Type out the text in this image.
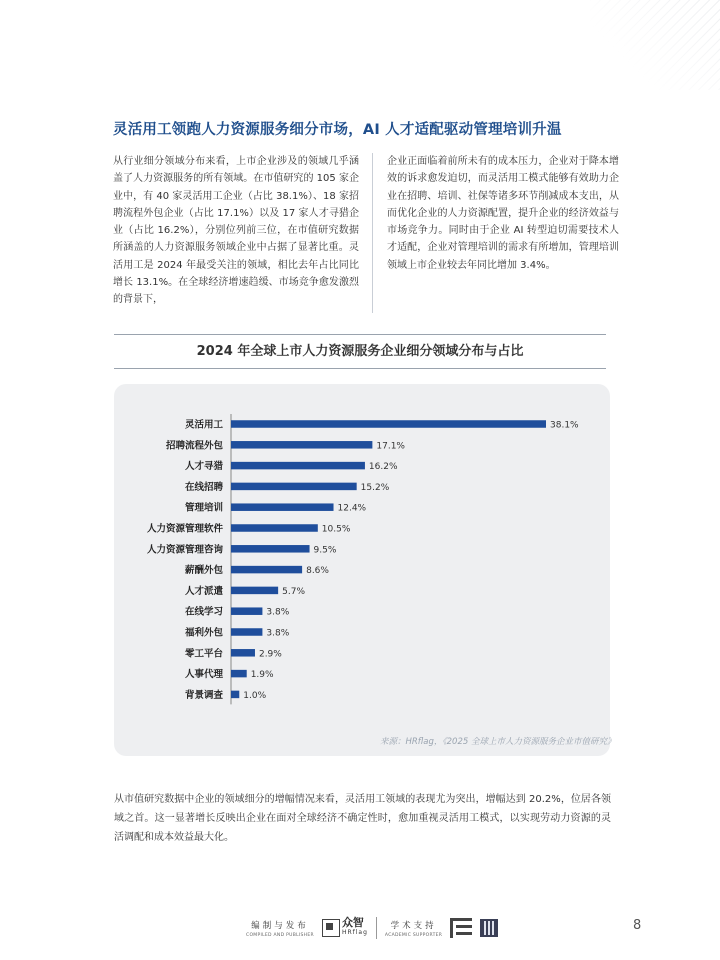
灵活用工领跑人力资源服务细分市场，AI 人才适配驱动管理培训升温
从行业细分领域分布来看，上市企业涉及的领域几乎涵盖了人力资源服务的所有领域。在市值研究的 105 家企业中，有 40 家灵活用工企业（占比 38.1%）、18 家招聘流程外包企业（占比 17.1%）以及 17 家人才寻猎企业（占比 16.2%），分别位列前三位，在市值研究数据所涵盖的人力资源服务领域企业中占据了显著比重。灵活用工是 2024 年最受关注的领域，相比去年占比同比增长 13.1%。在全球经济增速趋缓、市场竞争愈发激烈的背景下，
企业正面临着前所未有的成本压力，企业对于降本增效的诉求愈发迫切，而灵活用工模式能够有效助力企业在招聘、培训、社保等诸多环节削减成本支出，从而优化企业的人力资源配置，提升企业的经济效益与市场竞争力。同时由于企业 AI 转型迫切需要技术人才适配，企业对管理培训的需求有所增加，管理培训领域上市企业较去年同比增加 3.4%。
2024 年全球上市人力资源服务企业细分领域分布与占比
灵活用工	38.1%
招聘流程外包	17.1%
人才寻猎	16.2%
在线招聘	15.2%
管理培训	12.4%
人力资源管理软件	10.5%
人力资源管理咨询	9.5%
薪酬外包	8.6%
人才派遣	5.7%
在线学习	3.8%
福利外包	3.8%
零工平台	2.9%
人事代理	1.9%
背景调查 1.0%
来源：HRflag，《2025 全球上市人力资源服务企业市值研究》
从市值研究数据中企业的领域细分的增幅情况来看，灵活用工领域的表现尤为突出，增幅达到 20.2%，位居各领域之首。这一显著增长反映出企业在面对全球经济不确定性时，愈加重视灵活用工模式，以实现劳动力资源的灵活调配和成本效益最大化。
编制与发布
COMPILED AND PUBLISHER
众智
HRflag
学术支持
ACADEMIC SUPPORTER
8
